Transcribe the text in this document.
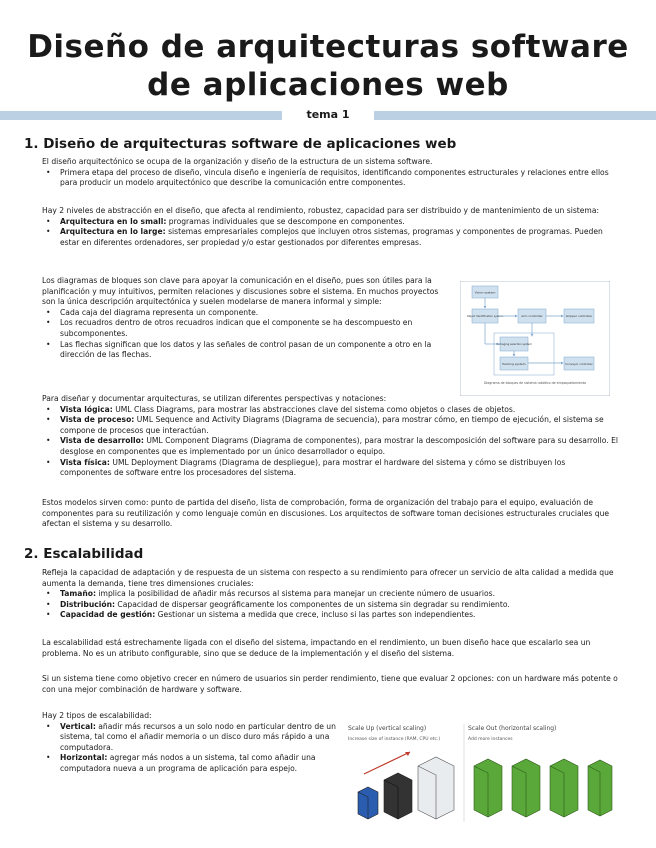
Diseño de arquitecturas software
de aplicaciones web
tema 1
1. Diseño de arquitecturas software de aplicaciones web
El diseño arquitectónico se ocupa de la organización y diseño de la estructura de un sistema software.
• Primera etapa del proceso de diseño, vincula diseño e ingeniería de requisitos, identificando componentes estructurales y relaciones entre ellos para producir un modelo arquitectónico que describe la comunicación entre componentes.
Hay 2 niveles de abstracción en el diseño, que afecta al rendimiento, robustez, capacidad para ser distribuido y de mantenimiento de un sistema:
• Arquitectura en lo small: programas individuales que se descompone en componentes.
• Arquitectura en lo large: sistemas empresariales complejos que incluyen otros sistemas, programas y componentes de programas. Pueden estar en diferentes ordenadores, ser propiedad y/o estar gestionados por diferentes empresas.
Los diagramas de bloques son clave para apoyar la comunicación en el diseño, pues son útiles para la planificación y muy intuitivos, permiten relaciones y discusiones sobre el sistema. En muchos proyectos son la única descripción arquitectónica y suelen modelarse de manera informal y simple:
• Cada caja del diagrama representa un componente.
• Los recuadros dentro de otros recuadros indican que el componente se ha descompuesto en subcomponentes.
• Las flechas significan que los datos y las señales de control pasan de un componente a otro en la dirección de las flechas.
Vision system
Object identification system	Arm controller	Gripper controller
Packaging selection system
Packing system	Conveyor controller
Diagrama de bloques de sistema robótico de empaquetamiento
Para diseñar y documentar arquitecturas, se utilizan diferentes perspectivas y notaciones:
• Vista lógica: UML Class Diagrams, para mostrar las abstracciones clave del sistema como objetos o clases de objetos.
• Vista de proceso: UML Sequence and Activity Diagrams (Diagrama de secuencia), para mostrar cómo, en tiempo de ejecución, el sistema se compone de procesos que interactúan.
• Vista de desarrollo: UML Component Diagrams (Diagrama de componentes), para mostrar la descomposición del software para su desarrollo. El desglose en componentes que es implementado por un único desarrollador o equipo.
• Vista física: UML Deployment Diagrams (Diagrama de despliegue), para mostrar el hardware del sistema y cómo se distribuyen los componentes de software entre los procesadores del sistema.
Estos modelos sirven como: punto de partida del diseño, lista de comprobación, forma de organización del trabajo para el equipo, evaluación de componentes para su reutilización y como lenguaje común en discusiones. Los arquitectos de software toman decisiones estructurales cruciales que afectan el sistema y su desarrollo.
2. Escalabilidad
Refleja la capacidad de adaptación y de respuesta de un sistema con respecto a su rendimiento para ofrecer un servicio de alta calidad a medida que aumenta la demanda, tiene tres dimensiones cruciales:
• Tamaño: implica la posibilidad de añadir más recursos al sistema para manejar un creciente número de usuarios.
• Distribución: Capacidad de dispersar geográficamente los componentes de un sistema sin degradar su rendimiento.
• Capacidad de gestión: Gestionar un sistema a medida que crece, incluso si las partes son independientes.
La escalabilidad está estrechamente ligada con el diseño del sistema, impactando en el rendimiento, un buen diseño hace que escalarlo sea un problema. No es un atributo configurable, sino que se deduce de la implementación y el diseño del sistema.
Si un sistema tiene como objetivo crecer en número de usuarios sin perder rendimiento, tiene que evaluar 2 opciones: con un hardware más potente o con una mejor combinación de hardware y software.
Hay 2 tipos de escalabilidad:
• Vertical: añadir más recursos a un solo nodo en particular dentro de un sistema, tal como el añadir memoria o un disco duro más rápido a una computadora.
• Horizontal: agregar más nodos a un sistema, tal como añadir una computadora nueva a un programa de aplicación para espejo.
Scale Up (vertical scaling)
Increase size of instance (RAM, CPU etc.)
Scale Out (horizontal scaling)
Add more instances
